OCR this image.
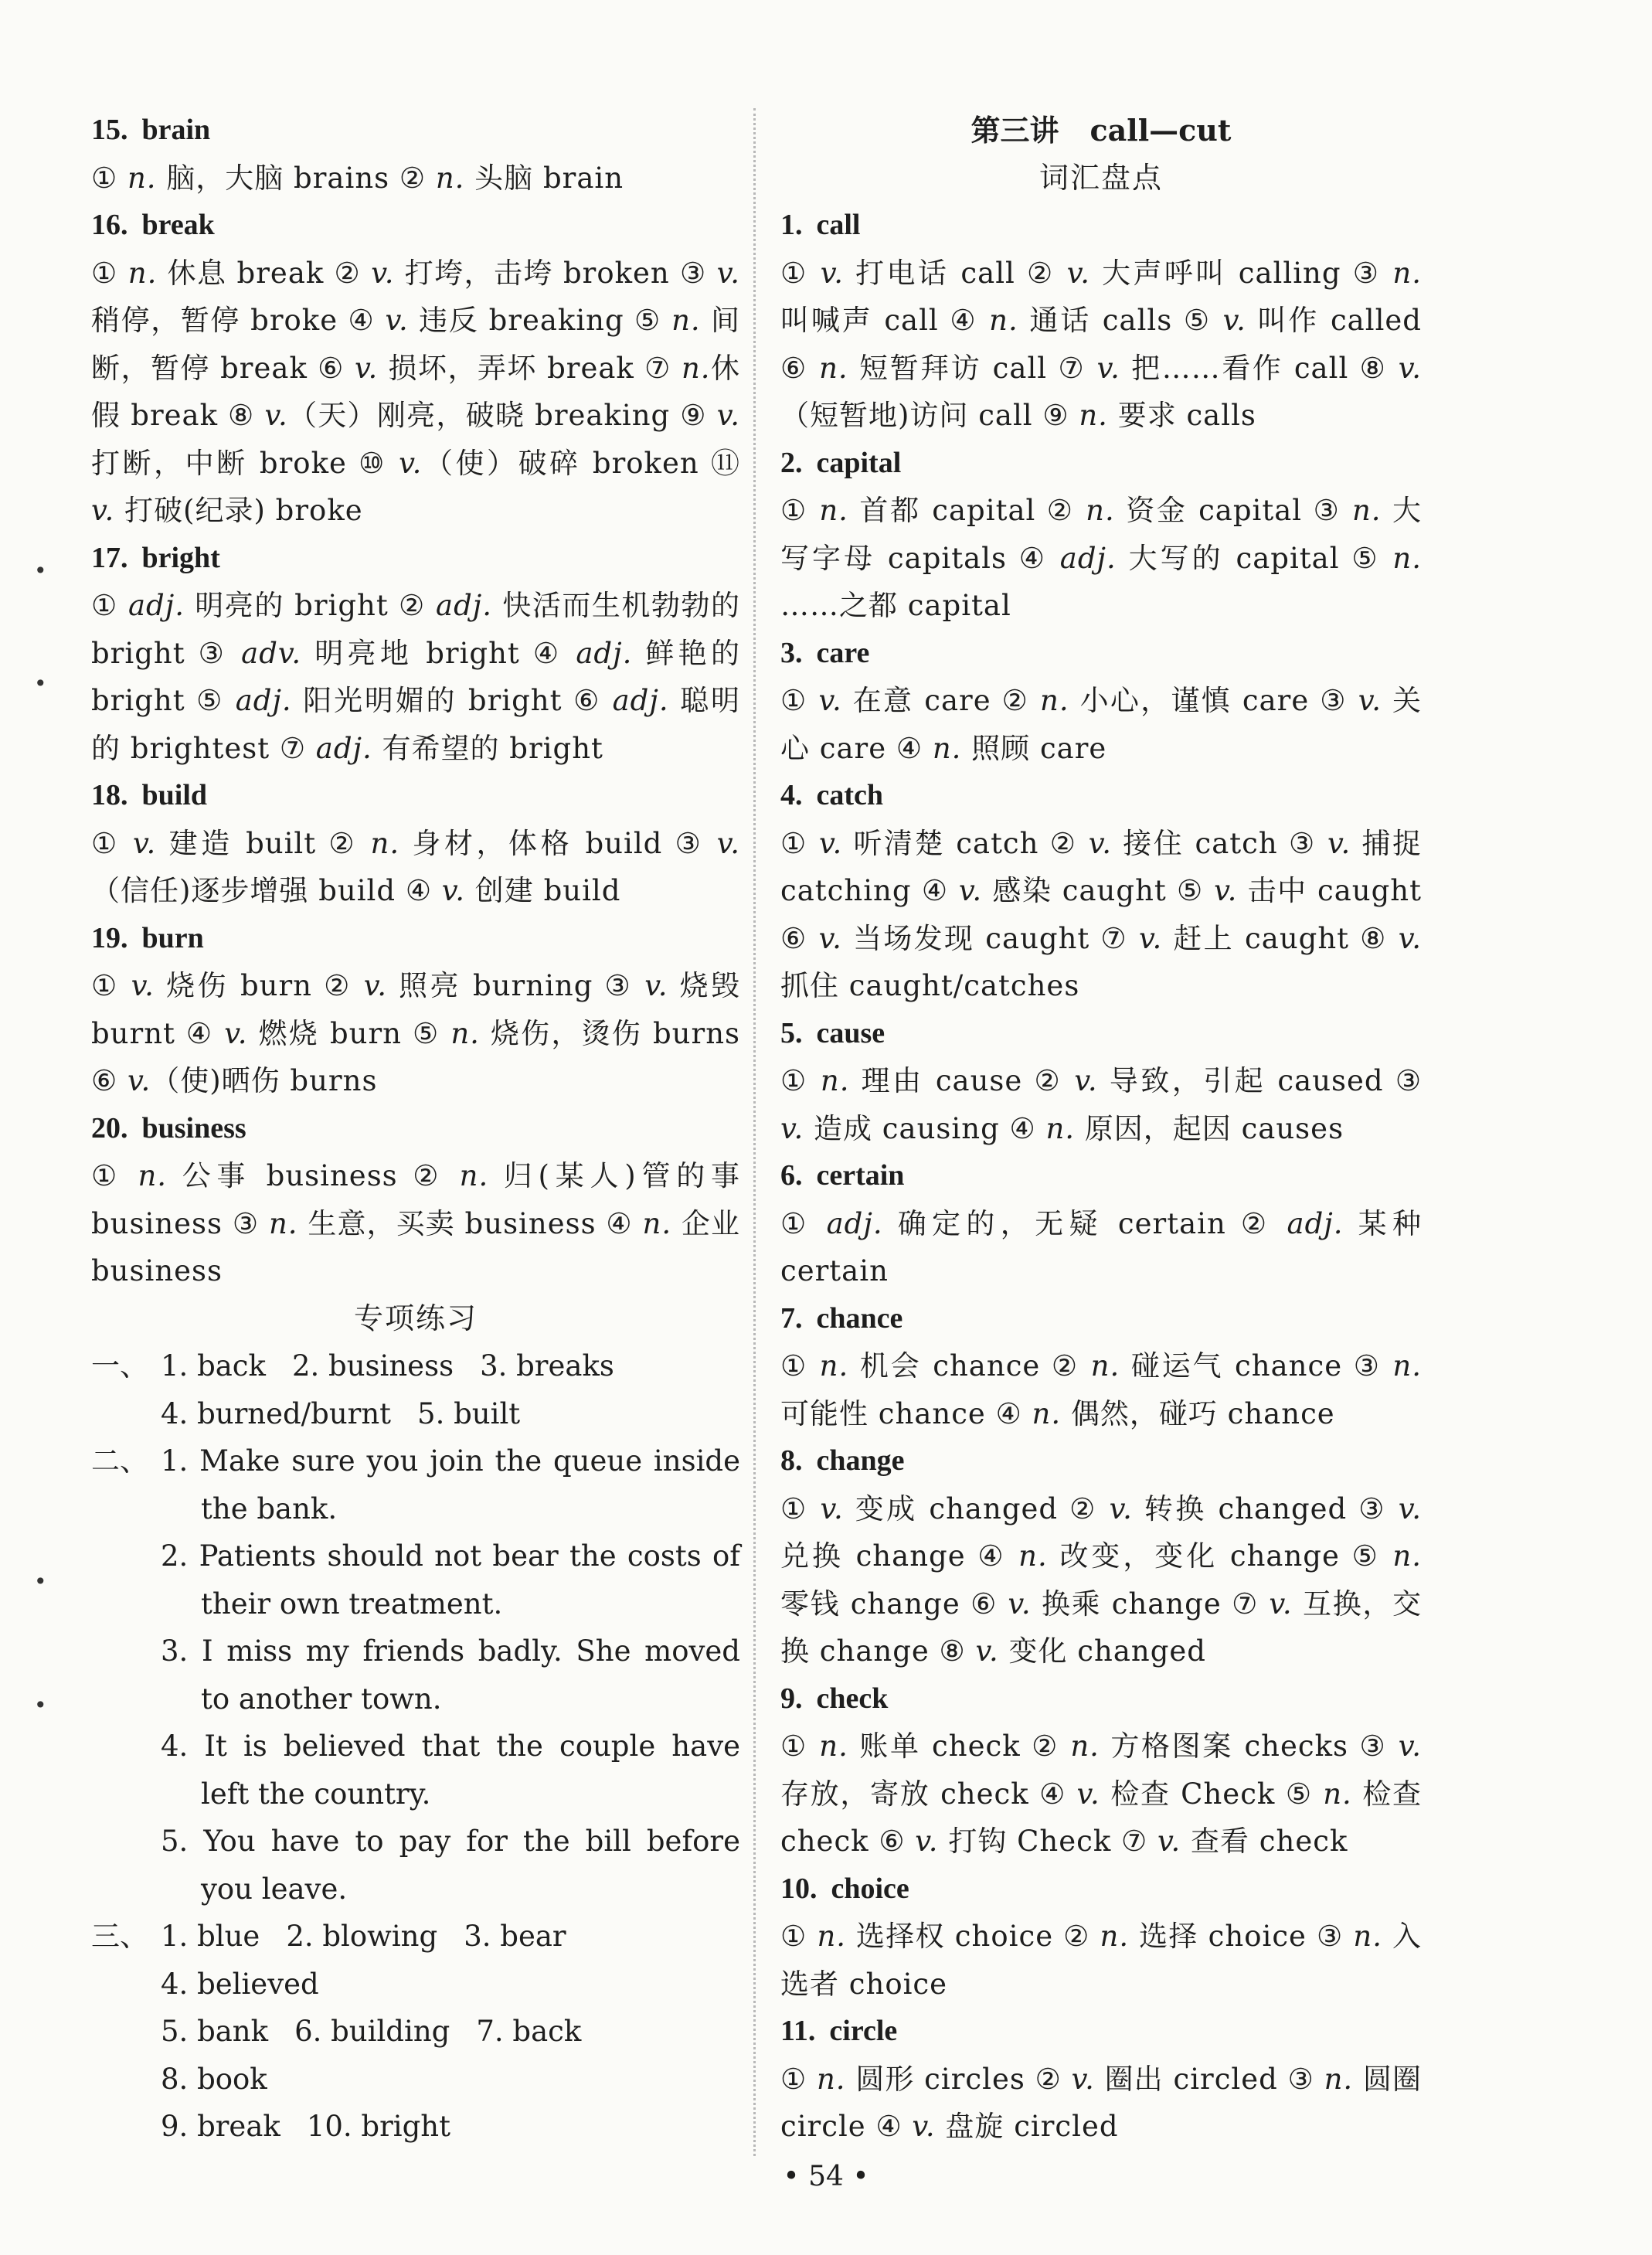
•
•
•
•
15. brain
① n. 脑，大脑 brains ② n. 头脑 brain
16. break
① n. 休息 break ② v. 打垮，击垮 broken ③ v. 稍停，暂停 broke ④ v. 违反 breaking ⑤ n. 间断，暂停 break ⑥ v. 损坏，弄坏 break ⑦ n.休假 break ⑧ v.（天）刚亮，破晓 breaking ⑨ v. 打断，中断 broke ⑩ v.（使）破碎 broken ⑪ v. 打破(纪录) broke
17. bright
① adj. 明亮的 bright ② adj. 快活而生机勃勃的 bright ③ adv. 明亮地 bright ④ adj. 鲜艳的 bright ⑤ adj. 阳光明媚的 bright ⑥ adj. 聪明的 brightest ⑦ adj. 有希望的 bright
18. build
① v. 建造 built ② n. 身材，体格 build ③ v.（信任)逐步增强 build ④ v. 创建 build
19. burn
① v. 烧伤 burn ② v. 照亮 burning ③ v. 烧毁 burnt ④ v. 燃烧 burn ⑤ n. 烧伤，烫伤 burns ⑥ v.（使)晒伤 burns
20. business
① n. 公事 business ② n. 归(某人)管的事 business ③ n. 生意，买卖 business ④ n. 企业 business
专项练习
一、 1. back 2. business 3. breaks
4. burned/burnt 5. built
二、 1. Make sure you join the queue inside the bank.
2. Patients should not bear the costs of their own treatment.
3. I miss my friends badly. She moved to another town.
4. It is believed that the couple have left the country.
5. You have to pay for the bill before you leave.
三、 1. blue 2. blowing 3. bear4. believed
5. bank 6. building 7. back8. book
9. break 10. bright
第三讲 call—cut
词汇盘点
1. call
① v. 打电话 call ② v. 大声呼叫 calling ③ n. 叫喊声 call ④ n. 通话 calls ⑤ v. 叫作 called ⑥ n. 短暂拜访 call ⑦ v. 把……看作 call ⑧ v.（短暂地)访问 call ⑨ n. 要求 calls
2. capital
① n. 首都 capital ② n. 资金 capital ③ n. 大写字母 capitals ④ adj. 大写的 capital ⑤ n. ……之都 capital
3. care
① v. 在意 care ② n. 小心，谨慎 care ③ v. 关心 care ④ n. 照顾 care
4. catch
① v. 听清楚 catch ② v. 接住 catch ③ v. 捕捉 catching ④ v. 感染 caught ⑤ v. 击中 caught ⑥ v. 当场发现 caught ⑦ v. 赶上 caught ⑧ v. 抓住 caught/catches
5. cause
① n. 理由 cause ② v. 导致，引起 caused ③ v. 造成 causing ④ n. 原因，起因 causes
6. certain
① adj. 确定的，无疑 certain ② adj. 某种 certain
7. chance
① n. 机会 chance ② n. 碰运气 chance ③ n. 可能性 chance ④ n. 偶然，碰巧 chance
8. change
① v. 变成 changed ② v. 转换 changed ③ v. 兑换 change ④ n. 改变，变化 change ⑤ n. 零钱 change ⑥ v. 换乘 change ⑦ v. 互换，交换 change ⑧ v. 变化 changed
9. check
① n. 账单 check ② n. 方格图案 checks ③ v. 存放，寄放 check ④ v. 检查 Check ⑤ n. 检查 check ⑥ v. 打钩 Check ⑦ v. 查看 check
10. choice
① n. 选择权 choice ② n. 选择 choice ③ n. 入选者 choice
11. circle
① n. 圆形 circles ② v. 圈出 circled ③ n. 圆圈 circle ④ v. 盘旋 circled
• 54 •
